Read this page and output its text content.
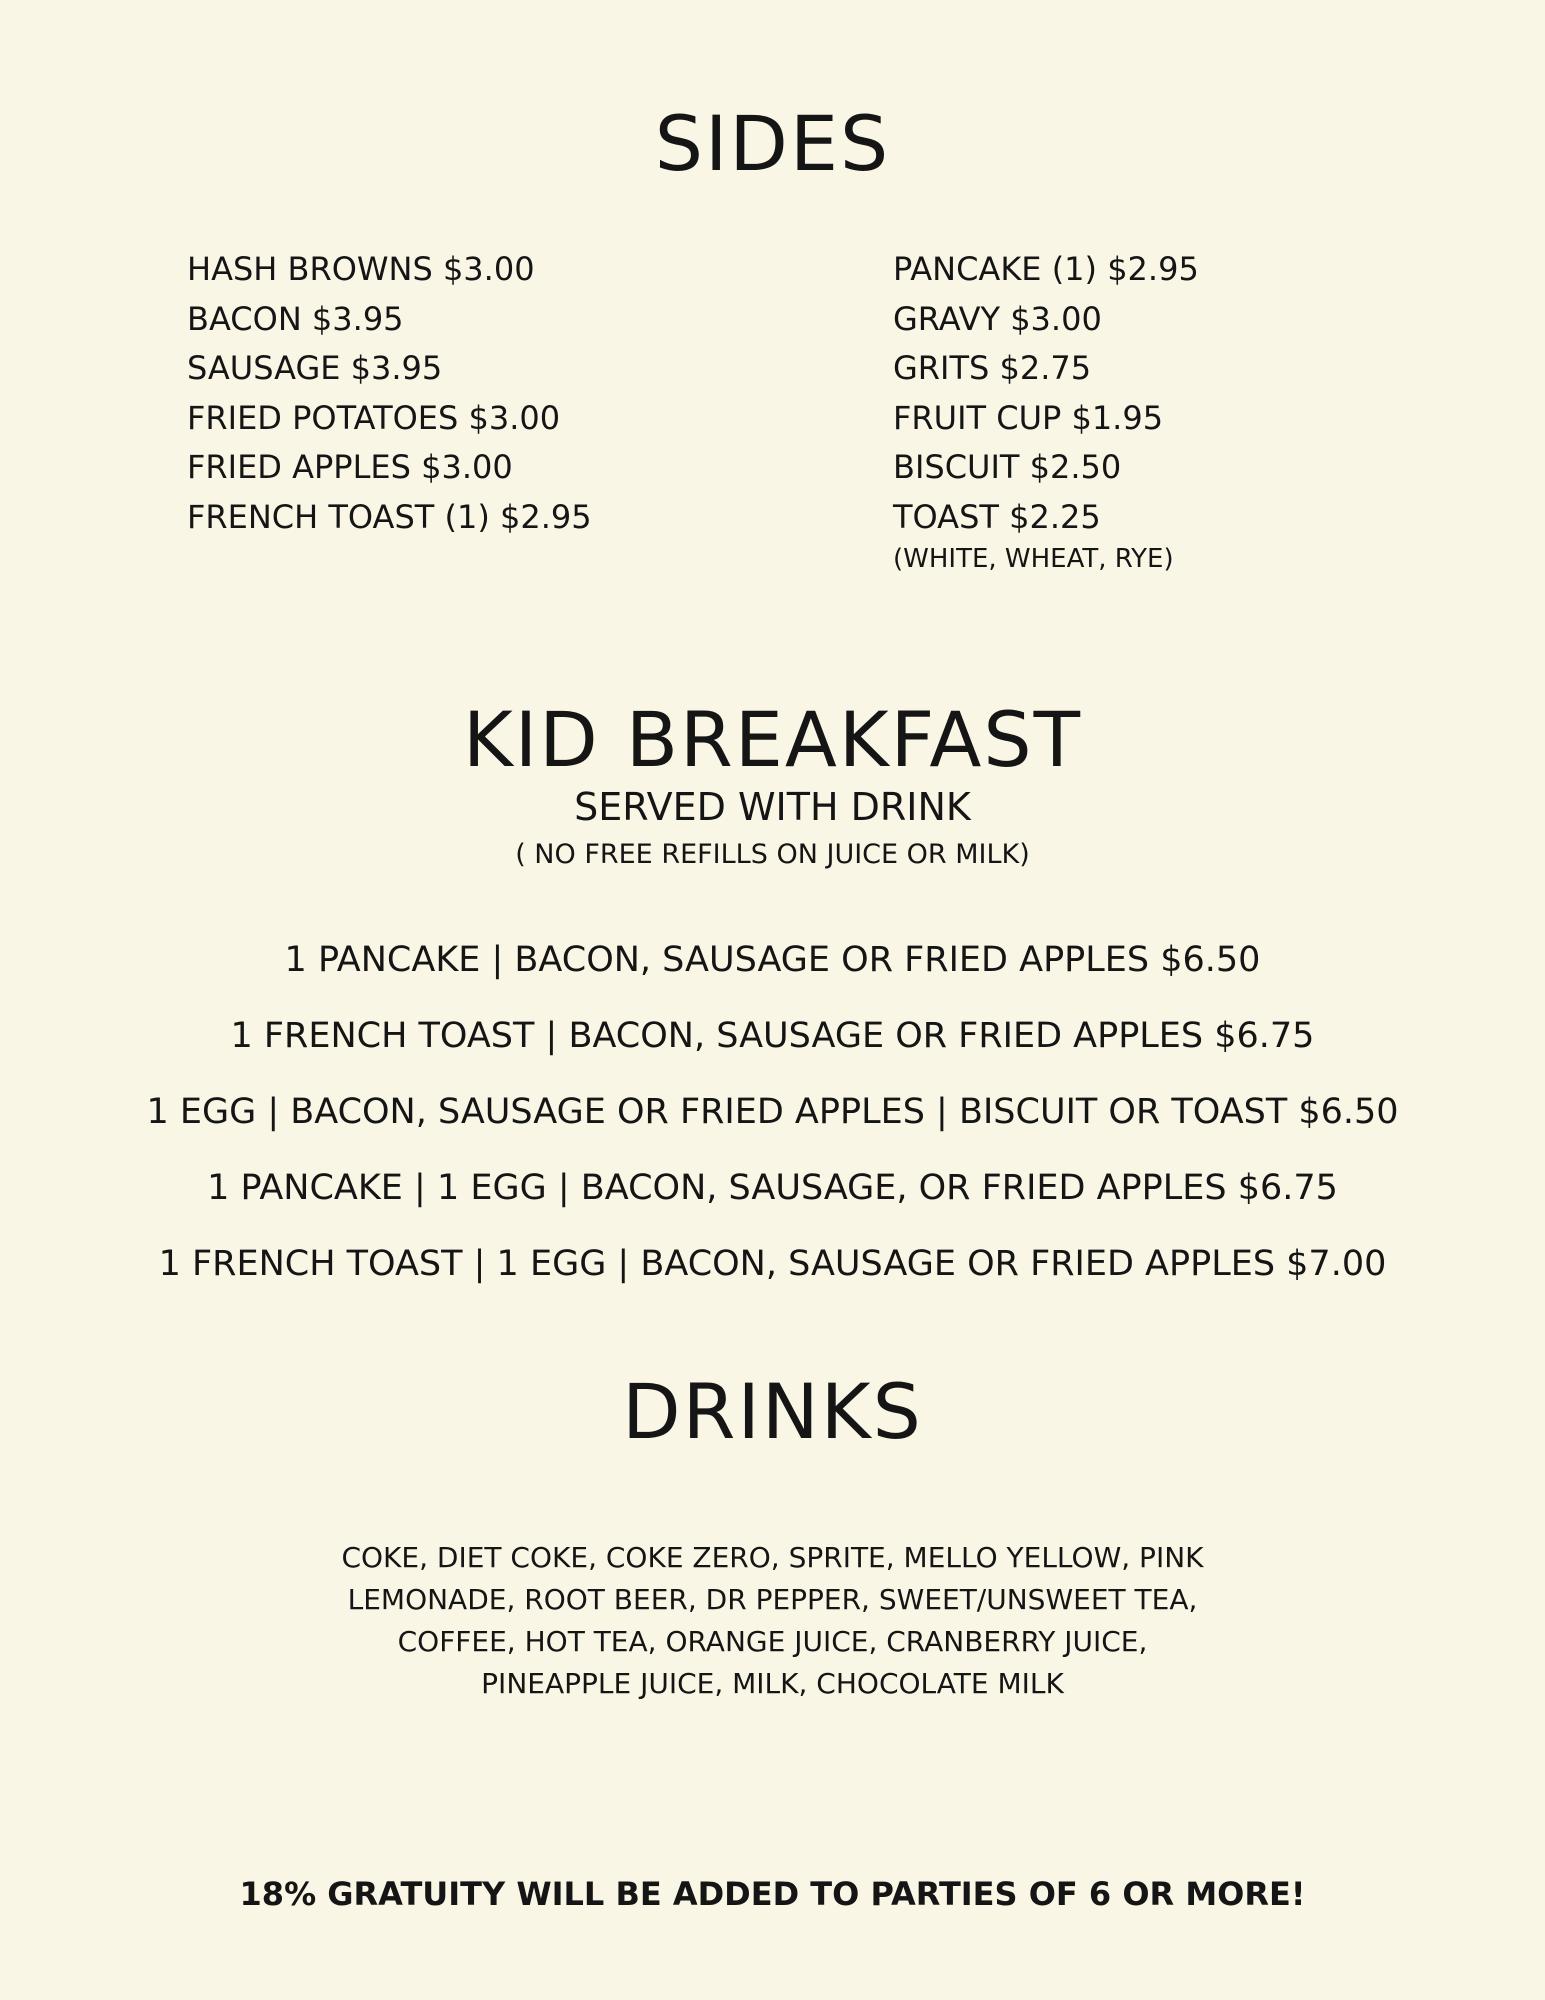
SIDES
HASH BROWNS $3.00
BACON $3.95
SAUSAGE $3.95
FRIED POTATOES $3.00
FRIED APPLES $3.00
FRENCH TOAST (1) $2.95
PANCAKE (1) $2.95
GRAVY $3.00
GRITS $2.75
FRUIT CUP $1.95
BISCUIT $2.50
TOAST $2.25
(WHITE, WHEAT, RYE)
KID BREAKFAST
SERVED WITH DRINK
( NO FREE REFILLS ON JUICE OR MILK)
1 PANCAKE | BACON, SAUSAGE OR FRIED APPLES $6.50
1 FRENCH TOAST | BACON, SAUSAGE OR FRIED APPLES $6.75
1 EGG | BACON, SAUSAGE OR FRIED APPLES | BISCUIT OR TOAST $6.50
1 PANCAKE | 1 EGG | BACON, SAUSAGE, OR FRIED APPLES $6.75
1 FRENCH TOAST | 1 EGG | BACON, SAUSAGE OR FRIED APPLES $7.00
DRINKS
COKE, DIET COKE, COKE ZERO, SPRITE, MELLO YELLOW, PINK
LEMONADE, ROOT BEER, DR PEPPER, SWEET/UNSWEET TEA,
COFFEE, HOT TEA, ORANGE JUICE, CRANBERRY JUICE,
PINEAPPLE JUICE, MILK, CHOCOLATE MILK
18% GRATUITY WILL BE ADDED TO PARTIES OF 6 OR MORE!
